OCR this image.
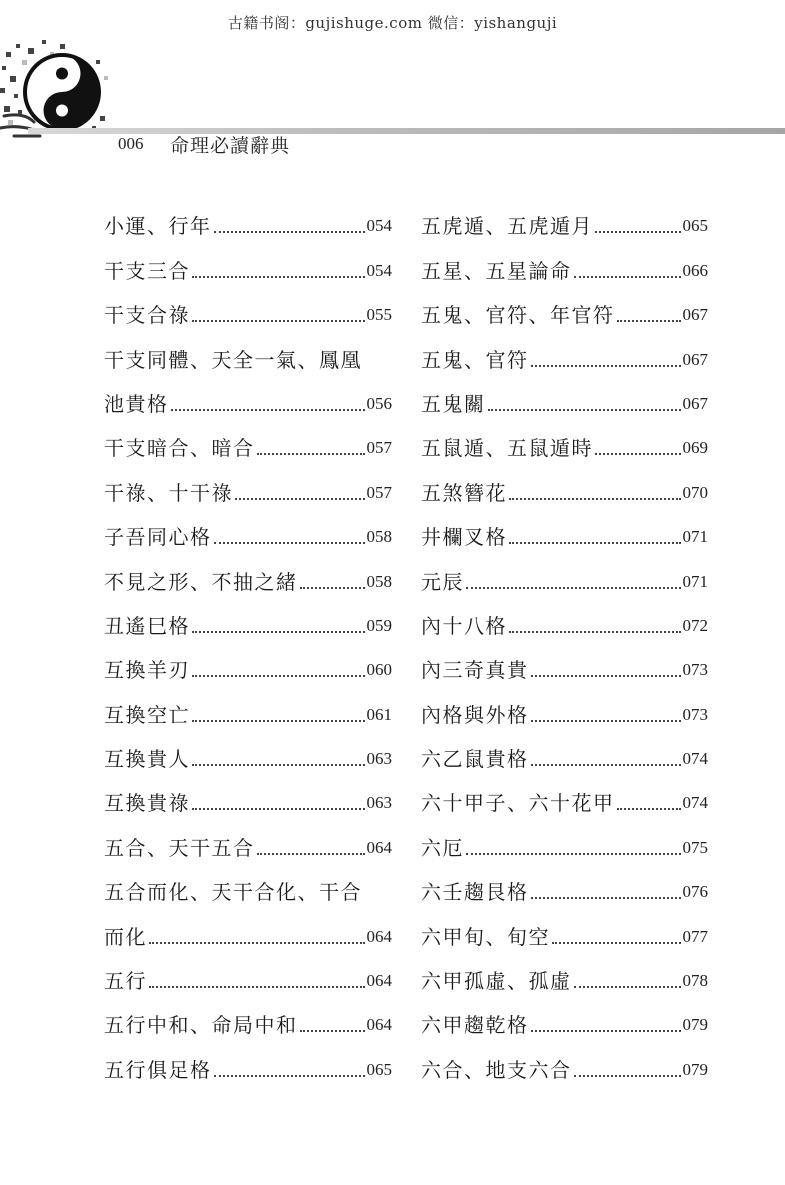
古籍书阁：gujishuge.com 微信：yishanguji
006 命理必讀辭典
小運、行年	054
干支三合	054
干支合祿	055
干支同體、天全一氣、鳳凰
池貴格	056
干支暗合、暗合	057
干祿、十干祿	057
子吾同心格	058
不見之形、不抽之緒	058
丑遙巳格	059
互換羊刃	060
互換空亡	061
互換貴人	063
互換貴祿	063
五合、天干五合	064
五合而化、天干合化、干合
而化	064
五行	064
五行中和、命局中和	064
五行俱足格	065
五虎遁、五虎遁月	065
五星、五星論命	066
五鬼、官符、年官符	067
五鬼、官符	067
五鬼關	067
五鼠遁、五鼠遁時	069
五煞簪花	070
井欄叉格	071
元辰	071
內十八格	072
內三奇真貴	073
內格與外格	073
六乙鼠貴格	074
六十甲子、六十花甲	074
六厄	075
六壬趨艮格	076
六甲旬、旬空	077
六甲孤虛、孤虛	078
六甲趨乾格	079
六合、地支六合	079
